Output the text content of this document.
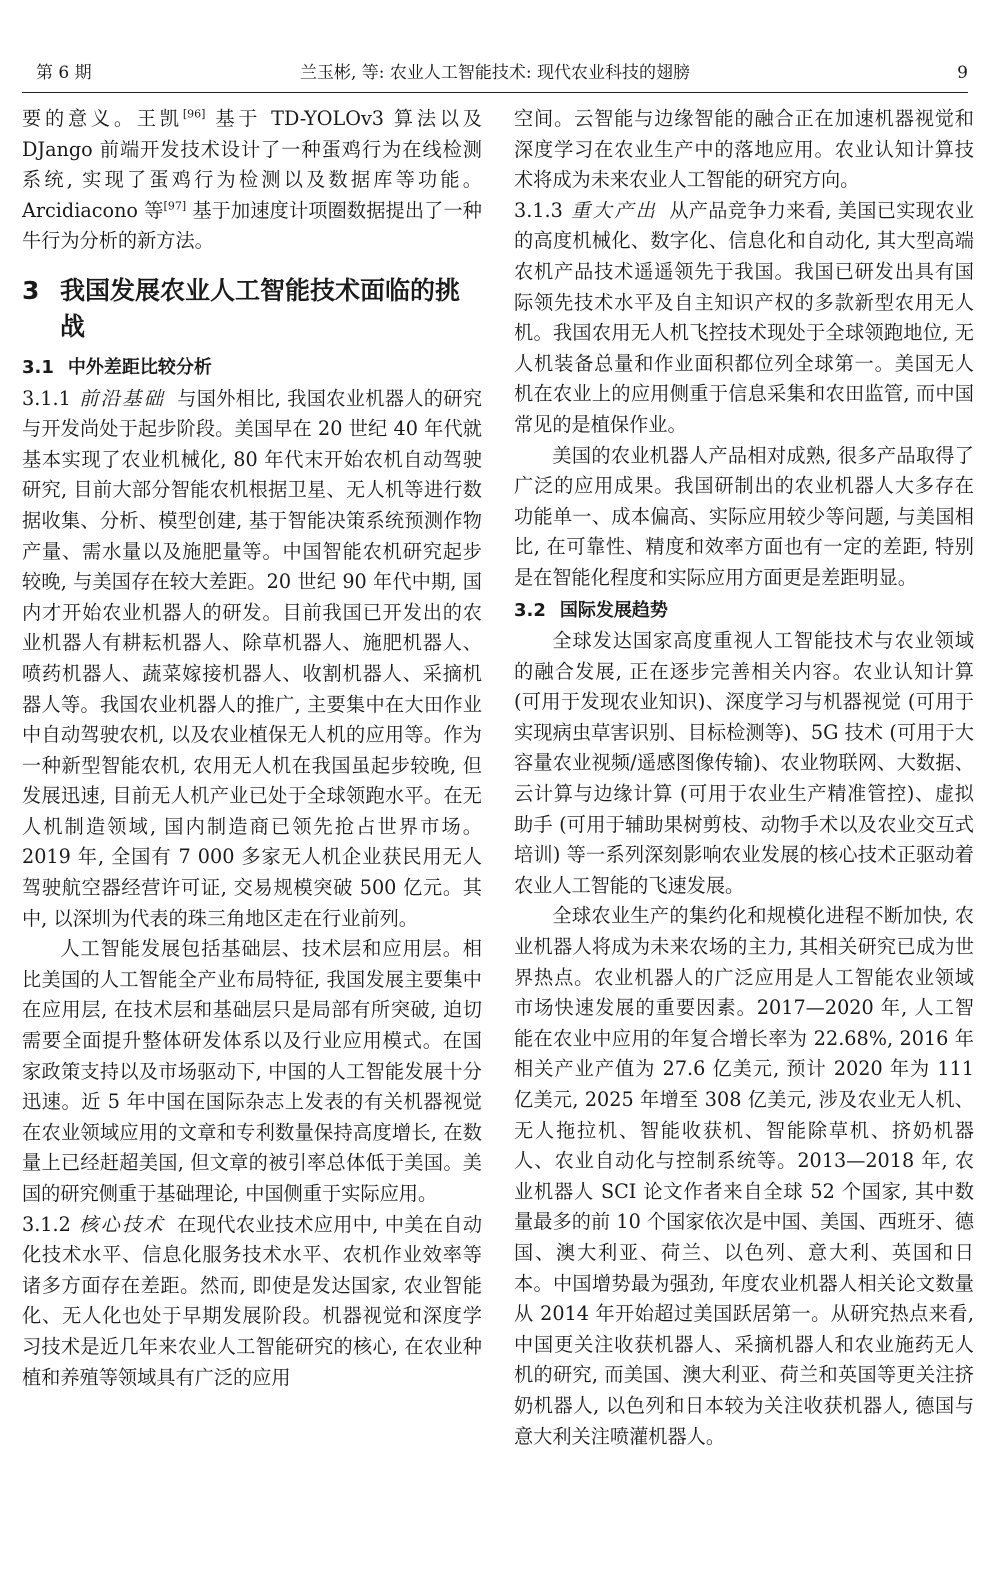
第 6 期	兰玉彬, 等: 农业人工智能技术: 现代农业科技的翅膀	9

要的意义。王凯[96] 基于 TD-YOLOv3 算法以及 DJango 前端开发技术设计了一种蛋鸡行为在线检测系统, 实现了蛋鸡行为检测以及数据库等功能。Arcidiacono 等[97] 基于加速度计项圈数据提出了一种牛行为分析的新方法。

3 我国发展农业人工智能技术面临的挑战
3.1 中外差距比较分析

3.1.1 前沿基础 与国外相比, 我国农业机器人的研究与开发尚处于起步阶段。美国早在 20 世纪 40 年代就基本实现了农业机械化, 80 年代末开始农机自动驾驶研究, 目前大部分智能农机根据卫星、无人机等进行数据收集、分析、模型创建, 基于智能决策系统预测作物产量、需水量以及施肥量等。中国智能农机研究起步较晚, 与美国存在较大差距。20 世纪 90 年代中期, 国内才开始农业机器人的研发。目前我国已开发出的农业机器人有耕耘机器人、除草机器人、施肥机器人、喷药机器人、蔬菜嫁接机器人、收割机器人、采摘机器人等。我国农业机器人的推广, 主要集中在大田作业中自动驾驶农机, 以及农业植保无人机的应用等。作为一种新型智能农机, 农用无人机在我国虽起步较晚, 但发展迅速, 目前无人机产业已处于全球领跑水平。在无人机制造领域, 国内制造商已领先抢占世界市场。2019 年, 全国有 7 000 多家无人机企业获民用无人驾驶航空器经营许可证, 交易规模突破 500 亿元。其中, 以深圳为代表的珠三角地区走在行业前列。

人工智能发展包括基础层、技术层和应用层。相比美国的人工智能全产业布局特征, 我国发展主要集中在应用层, 在技术层和基础层只是局部有所突破, 迫切需要全面提升整体研发体系以及行业应用模式。在国家政策支持以及市场驱动下, 中国的人工智能发展十分迅速。近 5 年中国在国际杂志上发表的有关机器视觉在农业领域应用的文章和专利数量保持高度增长, 在数量上已经赶超美国, 但文章的被引率总体低于美国。美国的研究侧重于基础理论, 中国侧重于实际应用。

3.1.2 核心技术 在现代农业技术应用中, 中美在自动化技术水平、信息化服务技术水平、农机作业效率等诸多方面存在差距。然而, 即使是发达国家, 农业智能化、无人化也处于早期发展阶段。机器视觉和深度学习技术是近几年来农业人工智能研究的核心, 在农业种植和养殖等领域具有广泛的应用

空间。云智能与边缘智能的融合正在加速机器视觉和深度学习在农业生产中的落地应用。农业认知计算技术将成为未来农业人工智能的研究方向。

3.1.3 重大产出 从产品竞争力来看, 美国已实现农业的高度机械化、数字化、信息化和自动化, 其大型高端农机产品技术遥遥领先于我国。我国已研发出具有国际领先技术水平及自主知识产权的多款新型农用无人机。我国农用无人机飞控技术现处于全球领跑地位, 无人机装备总量和作业面积都位列全球第一。美国无人机在农业上的应用侧重于信息采集和农田监管, 而中国常见的是植保作业。

美国的农业机器人产品相对成熟, 很多产品取得了广泛的应用成果。我国研制出的农业机器人大多存在功能单一、成本偏高、实际应用较少等问题, 与美国相比, 在可靠性、精度和效率方面也有一定的差距, 特别是在智能化程度和实际应用方面更是差距明显。

3.2 国际发展趋势

全球发达国家高度重视人工智能技术与农业领域的融合发展, 正在逐步完善相关内容。农业认知计算 (可用于发现农业知识)、深度学习与机器视觉 (可用于实现病虫草害识别、目标检测等)、5G 技术 (可用于大容量农业视频/遥感图像传输)、农业物联网、大数据、云计算与边缘计算 (可用于农业生产精准管控)、虚拟助手 (可用于辅助果树剪枝、动物手术以及农业交互式培训) 等一系列深刻影响农业发展的核心技术正驱动着农业人工智能的飞速发展。

全球农业生产的集约化和规模化进程不断加快, 农业机器人将成为未来农场的主力, 其相关研究已成为世界热点。农业机器人的广泛应用是人工智能农业领域市场快速发展的重要因素。2017—2020 年, 人工智能在农业中应用的年复合增长率为 22.68%, 2016 年相关产业产值为 27.6 亿美元, 预计 2020 年为 111 亿美元, 2025 年增至 308 亿美元, 涉及农业无人机、无人拖拉机、智能收获机、智能除草机、挤奶机器人、农业自动化与控制系统等。2013—2018 年, 农业机器人 SCI 论文作者来自全球 52 个国家, 其中数量最多的前 10 个国家依次是中国、美国、西班牙、德国、澳大利亚、荷兰、以色列、意大利、英国和日本。中国增势最为强劲, 年度农业机器人相关论文数量从 2014 年开始超过美国跃居第一。从研究热点来看, 中国更关注收获机器人、采摘机器人和农业施药无人机的研究, 而美国、澳大利亚、荷兰和英国等更关注挤奶机器人, 以色列和日本较为关注收获机器人, 德国与意大利关注喷灌机器人。
